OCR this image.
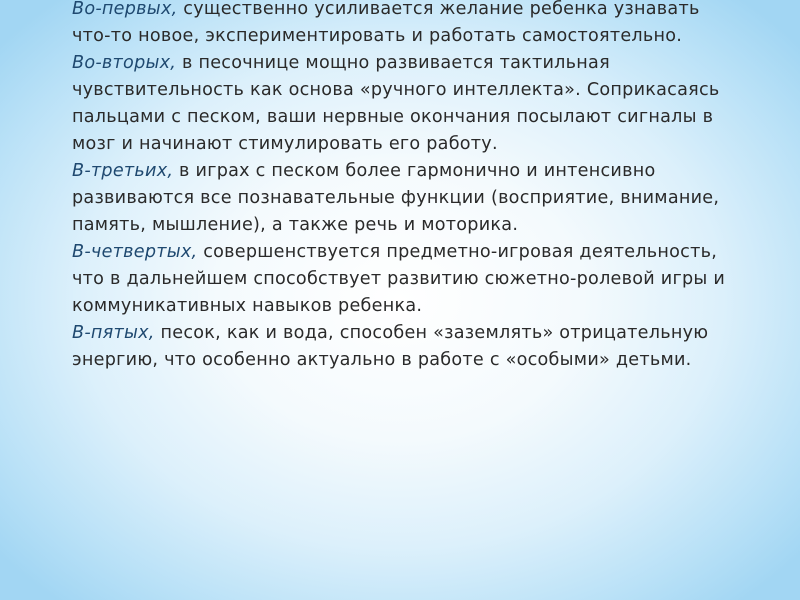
Во-первых, существенно усиливается желание ребенка узнавать что-то новое, экспериментировать и работать самостоятельно.

Во-вторых, в песочнице мощно развивается тактильная чувствительность как основа «ручного интеллекта». Соприкасаясь пальцами с песком, ваши нервные окончания посылают сигналы в мозг и начинают стимулировать его работу.

В-третьих, в играх с песком более гармонично и интенсивно развиваются все познавательные функции (восприятие, внимание, память, мышление), а также речь и моторика.

В-четвертых, совершенствуется предметно-игровая деятельность, что в дальнейшем способствует развитию сюжетно-ролевой игры и коммуникативных навыков ребенка.

В-пятых, песок, как и вода, способен «заземлять» отрицательную энергию, что особенно актуально в работе с «особыми» детьми.
